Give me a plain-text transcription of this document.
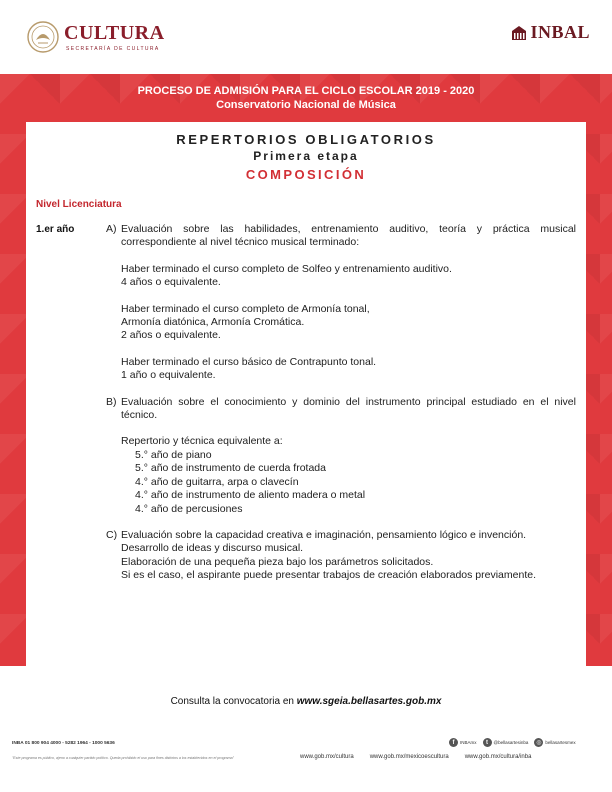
CULTURA
SECRETARÍA DE CULTURA
INBAL
PROCESO DE ADMISIÓN PARA EL CICLO ESCOLAR 2019 - 2020
Conservatorio Nacional de Música
REPERTORIOS OBLIGATORIOS
Primera etapa
COMPOSICIÓN
Nivel Licenciatura
1.er año	A) Evaluación sobre las habilidades, entrenamiento auditivo, teoría y práctica musical correspondiente al nivel técnico musical terminado:
Haber terminado el curso completo de Solfeo y entrenamiento auditivo.
4 años o equivalente.
Haber terminado el curso completo de Armonía tonal,
Armonía diatónica, Armonía Cromática.
2 años o equivalente.
Haber terminado el curso básico de Contrapunto tonal.
1 año o equivalente.
B) Evaluación sobre el conocimiento y dominio del instrumento principal estudiado en el nivel técnico.
Repertorio y técnica equivalente a:
5.° año de piano
5.° año de instrumento de cuerda frotada
4.° año de guitarra, arpa o clavecín
4.° año de instrumento de aliento madera o metal
4.° año de percusiones
C) Evaluación sobre la capacidad creativa e imaginación, pensamiento lógico e invención.
Desarrollo de ideas y discurso musical.
Elaboración de una pequeña pieza bajo los parámetros solicitados.
Si es el caso, el aspirante puede presentar trabajos de creación elaborados previamente.
Consulta la convocatoria en www.sgeia.bellasartes.gob.mx
INBA 01 800 904 4000 - 5282 1964 - 1000 5636
"Este programa es público, ajeno a cualquier partido político. Queda prohibido el uso para fines distintos a los establecidos en el programa"
f	INBAmx	t	@bellasartesinba	◎ bellasartesmex
www.gob.mx/cultura	www.gob.mx/mexicoescultura	www.gob.mx/cultura/inba
